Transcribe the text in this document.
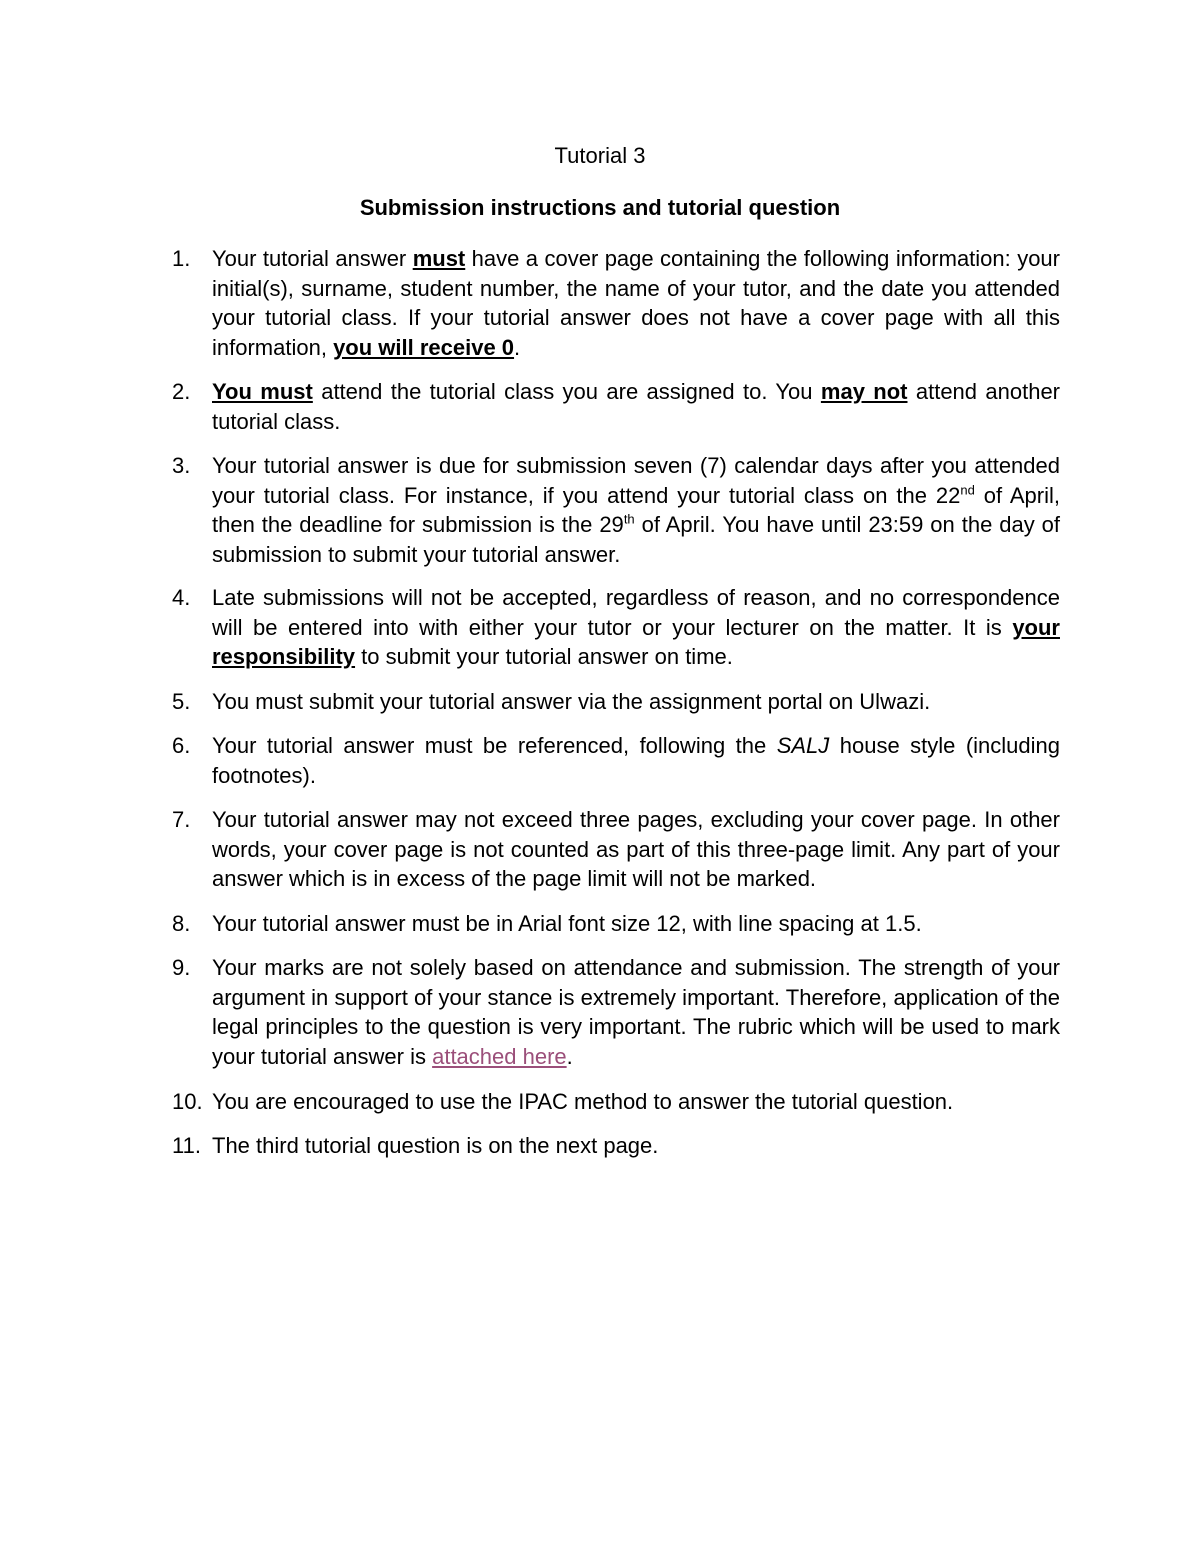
Tutorial 3
Submission instructions and tutorial question
1. Your tutorial answer must have a cover page containing the following information: your initial(s), surname, student number, the name of your tutor, and the date you attended your tutorial class. If your tutorial answer does not have a cover page with all this information, you will receive 0.
2. You must attend the tutorial class you are assigned to. You may not attend another tutorial class.
3. Your tutorial answer is due for submission seven (7) calendar days after you attended your tutorial class. For instance, if you attend your tutorial class on the 22nd of April, then the deadline for submission is the 29th of April. You have until 23:59 on the day of submission to submit your tutorial answer.
4. Late submissions will not be accepted, regardless of reason, and no correspondence will be entered into with either your tutor or your lecturer on the matter. It is your responsibility to submit your tutorial answer on time.
5. You must submit your tutorial answer via the assignment portal on Ulwazi.
6. Your tutorial answer must be referenced, following the SALJ house style (including footnotes).
7. Your tutorial answer may not exceed three pages, excluding your cover page. In other words, your cover page is not counted as part of this three-page limit. Any part of your answer which is in excess of the page limit will not be marked.
8. Your tutorial answer must be in Arial font size 12, with line spacing at 1.5.
9. Your marks are not solely based on attendance and submission. The strength of your argument in support of your stance is extremely important. Therefore, application of the legal principles to the question is very important. The rubric which will be used to mark your tutorial answer is attached here.
10. You are encouraged to use the IPAC method to answer the tutorial question.
11. The third tutorial question is on the next page.
